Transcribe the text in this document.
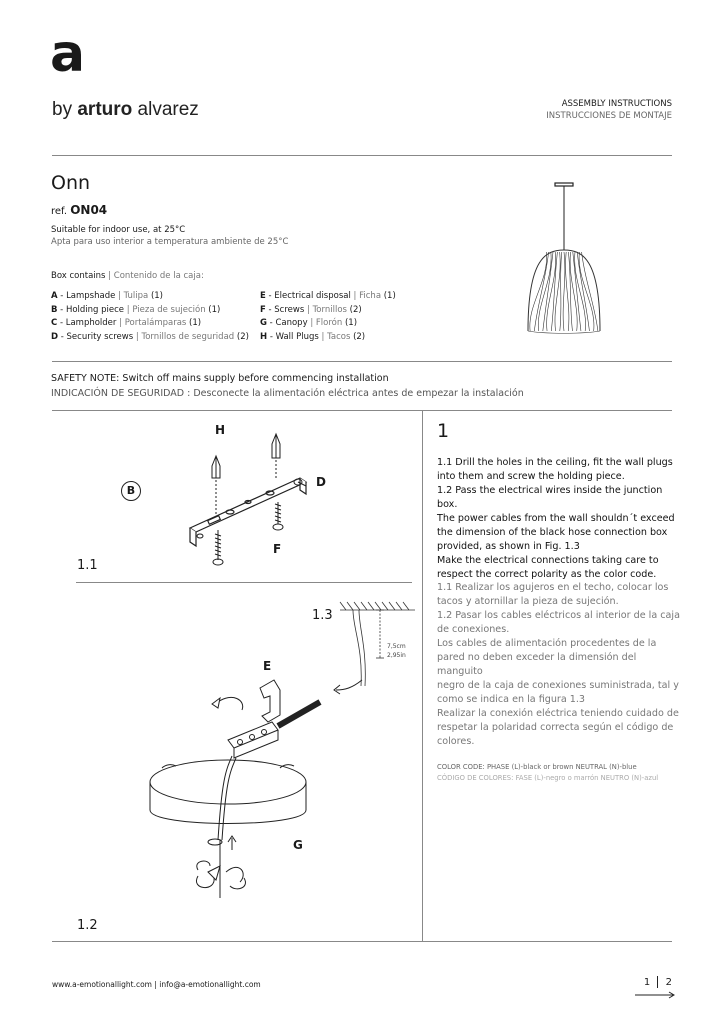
a
by arturo alvarez	ASSEMBLY INSTRUCTIONS
INSTRUCCIONES DE MONTAJE
Onn
ref. ON04
Suitable for indoor use, at 25°C
Apta para uso interior a temperatura ambiente de 25°C
Box contains | Contenido de la caja:
A - Lampshade | Tulipa (1)
B - Holding piece | Pieza de sujeción (1)
C - Lampholder | Portalámparas (1)
D - Security screws | Tornillos de seguridad (2)
E - Electrical disposal | Ficha (1)
F - Screws | Tornillos (2)
G - Canopy | Florón (1)
H - Wall Plugs | Tacos (2)
SAFETY NOTE: Switch off mains supply before commencing installation
INDICACIÓN DE SEGURIDAD : Desconecte la alimentación eléctrica antes de empezar la instalación
H
B
D
F
1.1
1.3
7,5cm
2,95in
E
G
1.2
1
1.1 Drill the holes in the ceiling, fit the wall plugs
into them and screw the holding piece.
1.2 Pass the electrical wires inside the junction box.
The power cables from the wall shouldn´t exceed
the dimension of the black hose connection box
provided, as shown in Fig. 1.3
Make the electrical connections taking care to
respect the correct polarity as the color code.
1.1 Realizar los agujeros en el techo, colocar los
tacos y atornillar la pieza de sujeción.
1.2 Pasar los cables eléctricos al interior de la caja
de conexiones.
Los cables de alimentación procedentes de la
pared no deben exceder la dimensión del manguito
negro de la caja de conexiones suministrada, tal y
como se indica en la figura 1.3
Realizar la conexión eléctrica teniendo cuidado de
respetar la polaridad correcta según el código de
colores.
COLOR CODE: PHASE (L)-black or brown NEUTRAL (N)-blue
CÓDIGO DE COLORES: FASE (L)-negro o marrón NEUTRO (N)-azul
www.a-emotionallight.com | info@a-emotionallight.com	1 2
